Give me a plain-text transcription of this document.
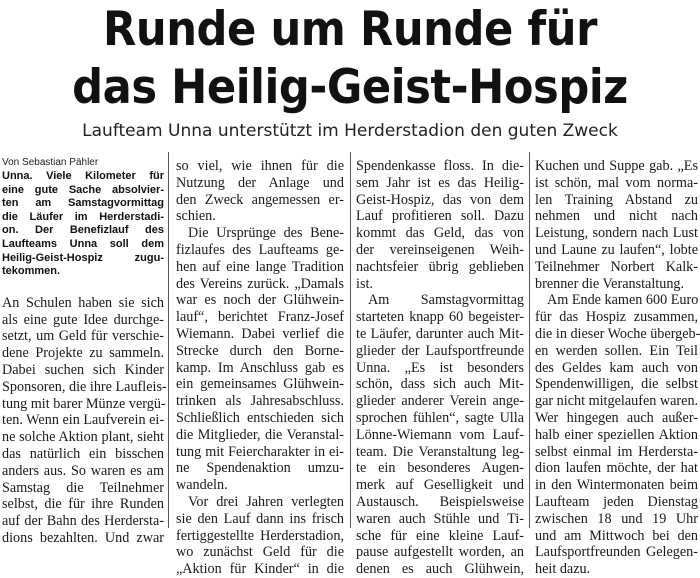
Runde um Runde für
das Heilig-Geist-Hospiz
Laufteam Unna unterstützt im Herderstadion den guten Zweck

Von Sebastian Pähler

Unna. Viele Kilometer für
eine gute Sache absolvier-
ten am Samstagvormittag
die Läufer im Herderstadi-
on. Der Benefizlauf des
Laufteams Unna soll dem
Heilig-Geist-Hospiz zugu-
tekommen.
An Schulen haben sie sich
als eine gute Idee durchge-
setzt, um Geld für verschie-
dene Projekte zu sammeln.
Dabei suchen sich Kinder
Sponsoren, die ihre Laufleis-
tung mit barer Münze vergü-
ten. Wenn ein Laufverein ei-
ne solche Aktion plant, sieht
das natürlich ein bisschen
anders aus. So waren es am
Samstag die Teilnehmer
selbst, die für ihre Runden
auf der Bahn des Herdersta-
dions bezahlten. Und zwar
so viel, wie ihnen für die
Nutzung der Anlage und
den Zweck angemessen er-
schien.
Die Ursprünge des Bene-
fizlaufes des Laufteams ge-
hen auf eine lange Tradition
des Vereins zurück. „Damals
war es noch der Glühwein-
lauf“, berichtet Franz-Josef
Wiemann. Dabei verlief die
Strecke durch den Borne-
kamp. Im Anschluss gab es
ein gemeinsames Glühwein-
trinken als Jahresabschluss.
Schließlich entschieden sich
die Mitglieder, die Veranstal-
tung mit Feiercharakter in ei-
ne Spendenaktion umzu-
wandeln.
Vor drei Jahren verlegten
sie den Lauf dann ins frisch
fertiggestellte Herderstadion,
wo zunächst Geld für die
„Aktion für Kinder“ in die
Spendenkasse floss. In die-
sem Jahr ist es das Heilig-
Geist-Hospiz, das von dem
Lauf profitieren soll. Dazu
kommt das Geld, das von
der vereinseigenen Weih-
nachtsfeier übrig geblieben
ist.
Am Samstagvormittag
starteten knapp 60 begeister-
te Läufer, darunter auch Mit-
glieder der Laufsportfreunde
Unna. „Es ist besonders
schön, dass sich auch Mit-
glieder anderer Verein ange-
sprochen fühlen“, sagte Ulla
Lönne-Wiemann vom Lauf-
team. Die Veranstaltung leg-
te ein besonderes Augen-
merk auf Geselligkeit und
Austausch. Beispielsweise
waren auch Stühle und Ti-
sche für eine kleine Lauf-
pause aufgestellt worden, an
denen es auch Glühwein,
Kuchen und Suppe gab. „Es
ist schön, mal vom norma-
len Training Abstand zu
nehmen und nicht nach
Leistung, sondern nach Lust
und Laune zu laufen“, lobte
Teilnehmer Norbert Kalk-
brenner die Veranstaltung.
Am Ende kamen 600 Euro
für das Hospiz zusammen,
die in dieser Woche übergeb-
en werden sollen. Ein Teil
des Geldes kam auch von
Spendenwilligen, die selbst
gar nicht mitgelaufen waren.
Wer hingegen auch außer-
halb einer speziellen Aktion
selbst einmal im Herdersta-
dion laufen möchte, der hat
in den Wintermonaten beim
Laufteam jeden Dienstag
zwischen 18 und 19 Uhr
und am Mittwoch bei den
Laufsportfreunden Gelegen-
heit dazu.
